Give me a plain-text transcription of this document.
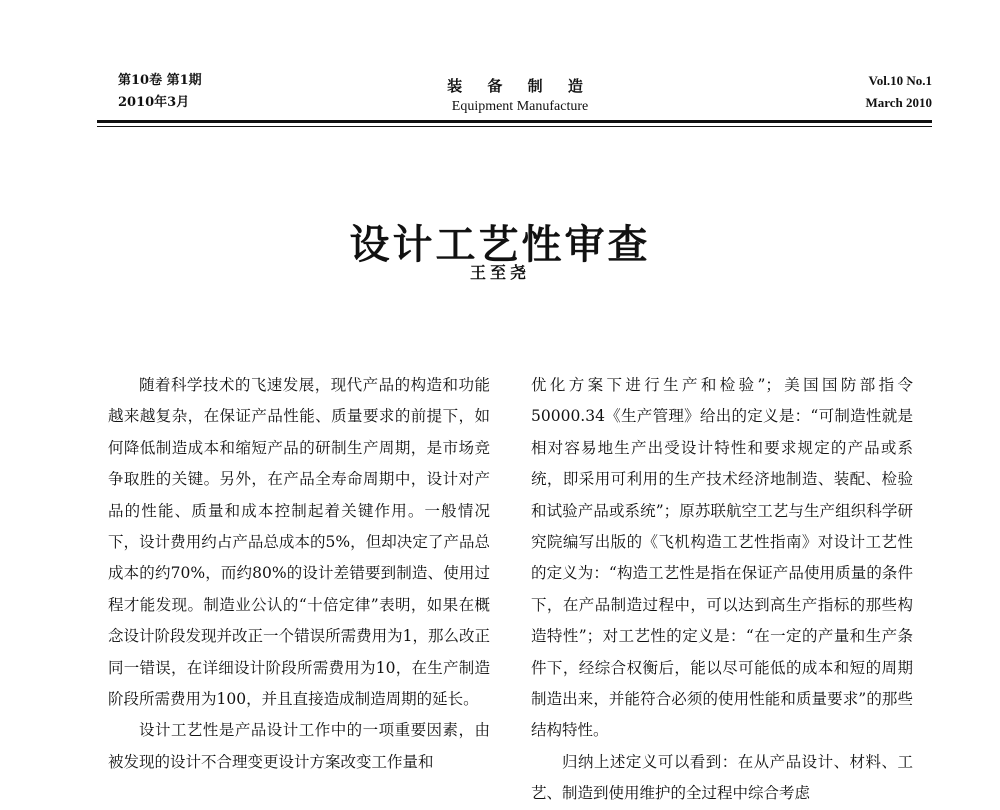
第10卷 第1期
2010年3月
装 备 制 造
Equipment Manufacture
Vol.10 No.1
March 2010
设计工艺性审查
王至尧

随着科学技术的飞速发展，现代产品的构造和功能越来越复杂，在保证产品性能、质量要求的前提下，如何降低制造成本和缩短产品的研制生产周期，是市场竞争取胜的关键。另外，在产品全寿命周期中，设计对产品的性能、质量和成本控制起着关键作用。一般情况下，设计费用约占产品总成本的5%，但却决定了产品总成本的约70%，而约80%的设计差错要到制造、使用过程才能发现。制造业公认的“十倍定律”表明，如果在概念设计阶段发现并改正一个错误所需费用为1，那么改正同一错误，在详细设计阶段所需费用为10，在生产制造阶段所需费用为100，并且直接造成制造周期的延长。

设计工艺性是产品设计工作中的一项重要因素，由被发现的设计不合理变更设计方案改变工作量和

优化方案下进行生产和检验”；美国国防部指令50000.34《生产管理》给出的定义是：“可制造性就是相对容易地生产出受设计特性和要求规定的产品或系统，即采用可利用的生产技术经济地制造、装配、检验和试验产品或系统”；原苏联航空工艺与生产组织科学研究院编写出版的《飞机构造工艺性指南》对设计工艺性的定义为：“构造工艺性是指在保证产品使用质量的条件下，在产品制造过程中，可以达到高生产指标的那些构造特性”；对工艺性的定义是：“在一定的产量和生产条件下，经综合权衡后，能以尽可能低的成本和短的周期制造出来，并能符合必须的使用性能和质量要求”的那些结构特性。

归纳上述定义可以看到：在从产品设计、材料、工艺、制造到使用维护的全过程中综合考虑
